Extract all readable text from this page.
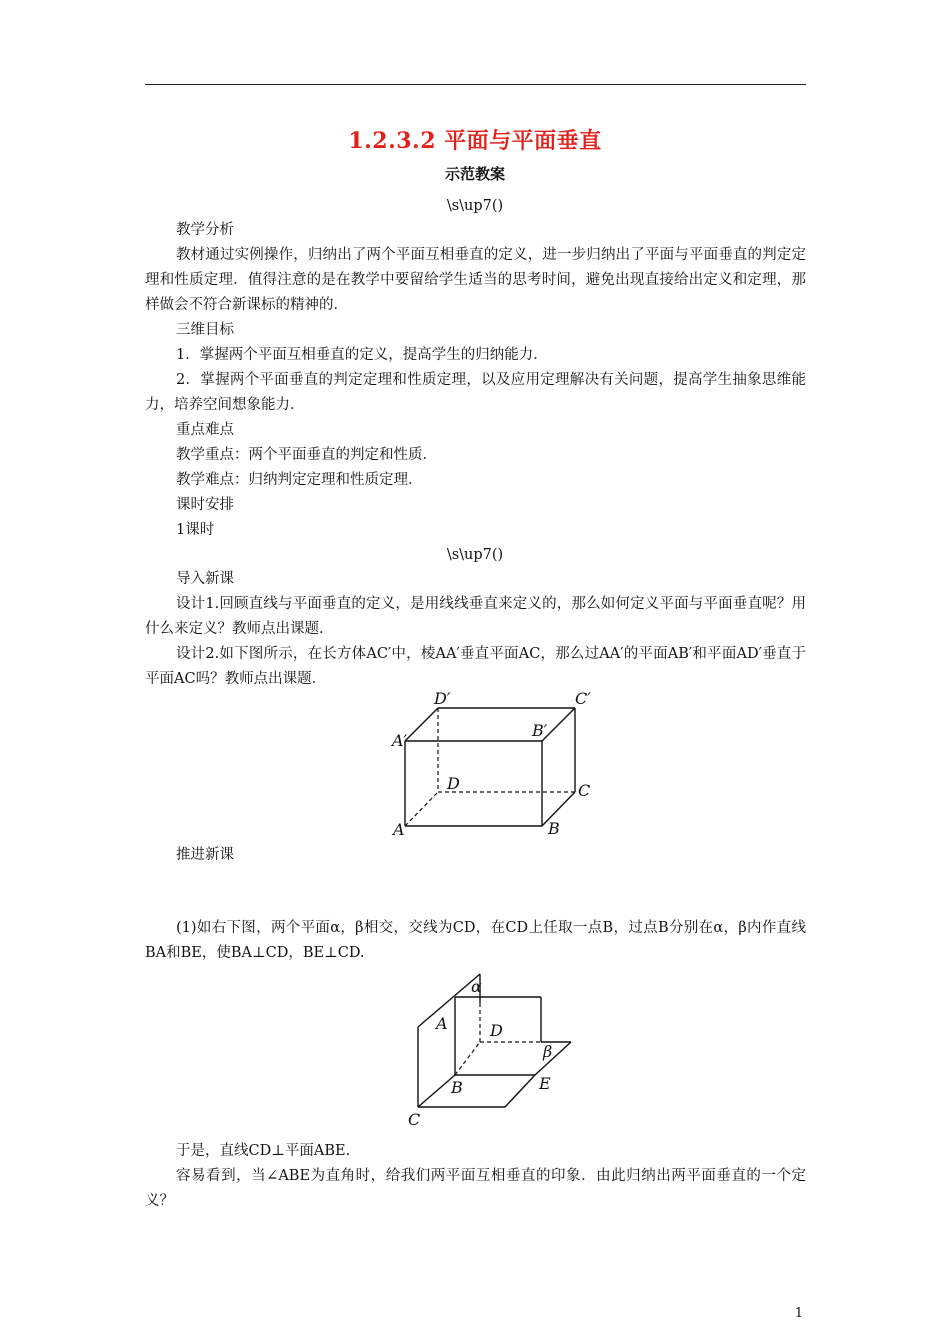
1.2.3.2 平面与平面垂直
示范教案
\s\up7()
教学分析
教材通过实例操作，归纳出了两个平面互相垂直的定义，进一步归纳出了平面与平面垂直的判定定理和性质定理．值得注意的是在教学中要留给学生适当的思考时间，避免出现直接给出定义和定理，那样做会不符合新课标的精神的．
三维目标
1．掌握两个平面互相垂直的定义，提高学生的归纳能力．
2．掌握两个平面垂直的判定定理和性质定理，以及应用定理解决有关问题，提高学生抽象思维能力，培养空间想象能力．
重点难点
教学重点：两个平面垂直的判定和性质．
教学难点：归纳判定定理和性质定理．
课时安排
1课时
\s\up7()
导入新课
设计1.回顾直线与平面垂直的定义，是用线线垂直来定义的，那么如何定义平面与平面垂直呢？用什么来定义？教师点出课题．
设计2.如下图所示，在长方体AC′中，棱AA′垂直平面AC，那么过AA′的平面AB′和平面AD′垂直于平面AC吗？教师点出课题．
D′	C′
A′
B′
D	C
A	B
推进新课
(1)如右下图，两个平面α，β相交，交线为CD，在CD上任取一点B，过点B分别在α，β内作直线BA和BE，使BA⊥CD，BE⊥CD.
α
A	D
β
B	E
C
于是，直线CD⊥平面ABE.
容易看到，当∠ABE为直角时，给我们两平面互相垂直的印象．由此归纳出两平面垂直的一个定义？
1
